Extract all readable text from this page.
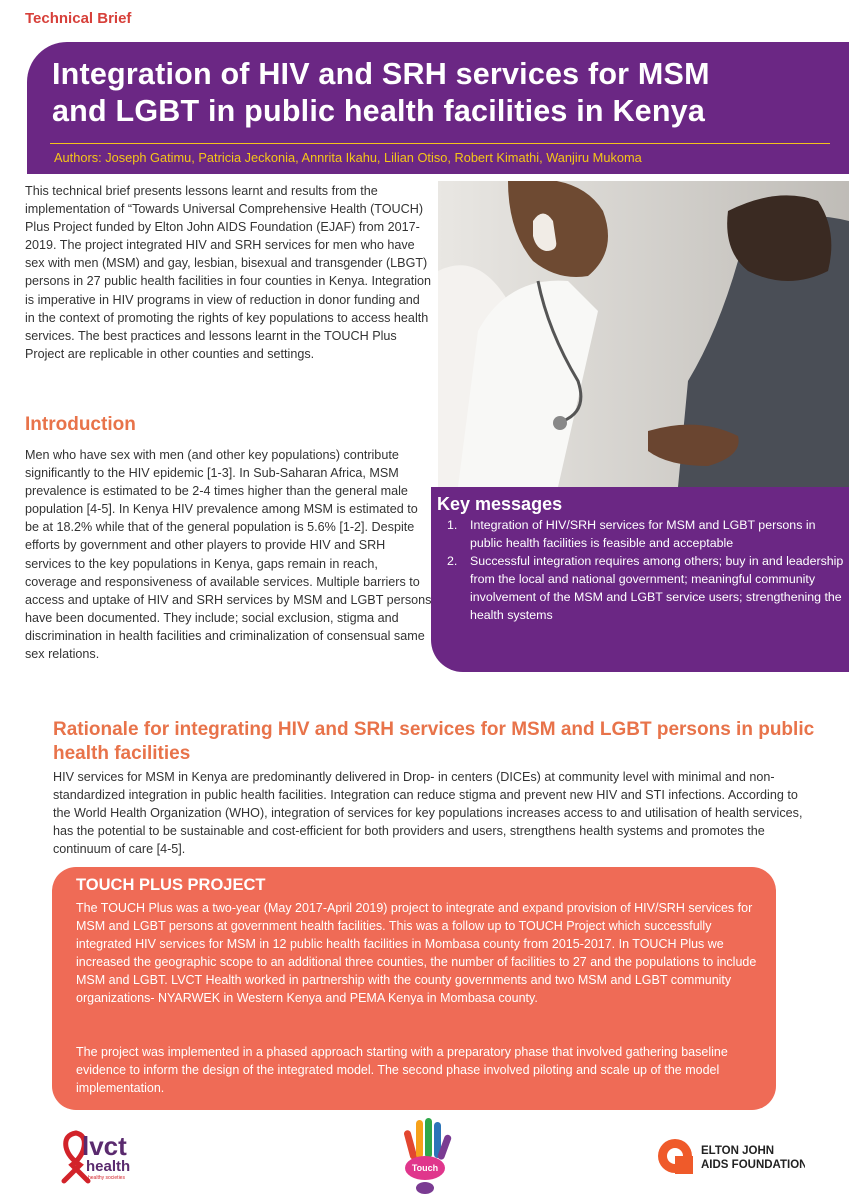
Technical Brief
Integration of HIV and SRH services for MSM
and LGBT in public health facilities in Kenya
Authors: Joseph Gatimu, Patricia Jeckonia, Annrita Ikahu, Lilian Otiso, Robert Kimathi, Wanjiru Mukoma

This technical brief presents lessons learnt and results from the implementation of “Towards Universal Comprehensive Health (TOUCH) Plus Project funded by Elton John AIDS Foundation (EJAF) from 2017-2019. The project integrated HIV and SRH services for men who have sex with men (MSM) and gay, lesbian, bisexual and transgender (LBGT) persons in 27 public health facilities in four counties in Kenya. Integration is imperative in HIV programs in view of reduction in donor funding and in the context of promoting the rights of key populations to access health services. The best practices and lessons learnt in the TOUCH Plus Project are replicable in other counties and settings.

Introduction

Men who have sex with men (and other key populations) contribute significantly to the HIV epidemic [1-3]. In Sub-Saharan Africa, MSM prevalence is estimated to be 2-4 times higher than the general male population [4-5]. In Kenya HIV prevalence among MSM is estimated to be at 18.2% while that of the general population is 5.6% [1-2]. Despite efforts by government and other players to provide HIV and SRH services to the key populations in Kenya, gaps remain in reach, coverage and responsiveness of available services. Multiple barriers to access and uptake of HIV and SRH services by MSM and LGBT persons have been documented. They include; social exclusion, stigma and discrimination in health facilities and criminalization of consensual same sex relations.

Key messages
1. Integration of HIV/SRH services for MSM and LGBT persons in public health facilities is feasible and acceptable
2. Successful integration requires among others; buy in and leadership from the local and national government; meaningful community involvement of the MSM and LGBT service users; strengthening the health systems
Rationale for integrating HIV and SRH services for MSM and LGBT persons in public health facilities

HIV services for MSM in Kenya are predominantly delivered in Drop- in centers (DICEs) at community level with minimal and non-standardized integration in public health facilities. Integration can reduce stigma and prevent new HIV and STI infections. According to the World Health Organization (WHO), integration of services for key populations increases access to and utilisation of health services, has the potential to be sustainable and cost-efficient for both providers and users, strengthens health systems and promotes the continuum of care [4-5].

TOUCH PLUS PROJECT

The TOUCH Plus was a two-year (May 2017-April 2019) project to integrate and expand provision of HIV/SRH services for MSM and LGBT persons at government health facilities. This was a follow up to TOUCH Project which successfully integrated HIV services for MSM in 12 public health facilities in Mombasa county from 2015-2017. In TOUCH Plus we increased the geographic scope to an additional three counties, the number of facilities to 27 and the populations to include MSM and LGBT. LVCT Health worked in partnership with the county governments and two MSM and LGBT community organizations- NYARWEK in Western Kenya and PEMA Kenya in Mombasa county.

The project was implemented in a phased approach starting with a preparatory phase that involved gathering baseline evidence to inform the design of the integrated model. The second phase involved piloting and scale up of the model implementation.

lvct
health
healthy societies
Touch
ELTON JOHN
AIDS FOUNDATION
